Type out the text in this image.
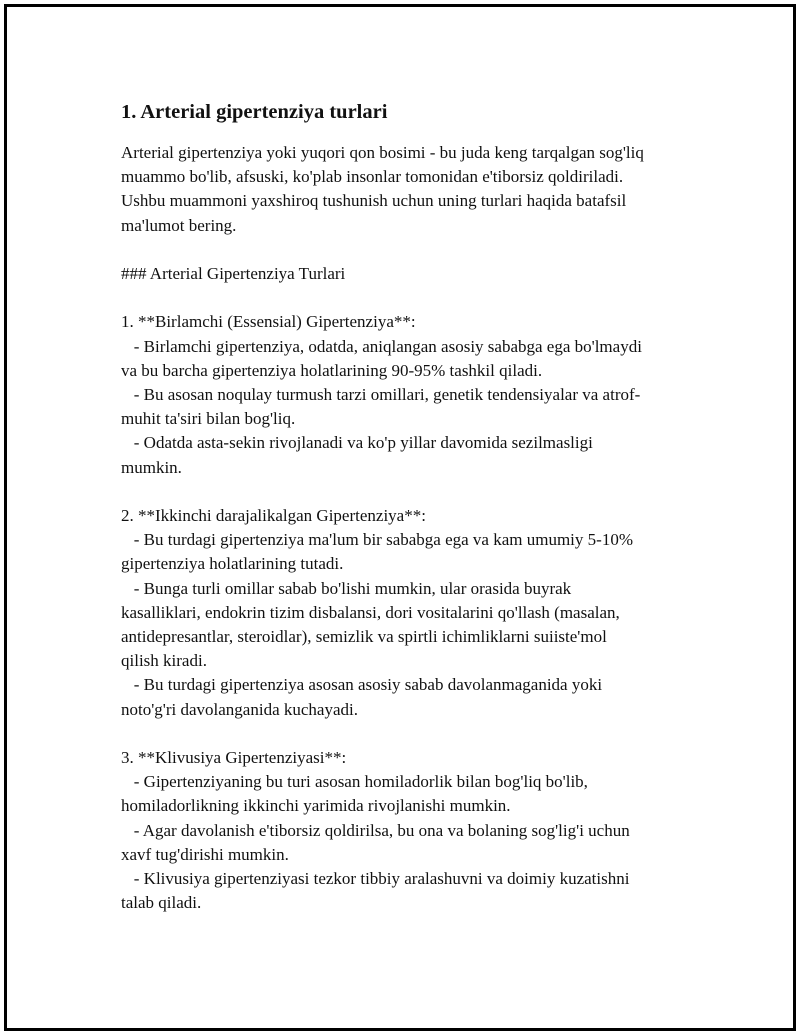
1. Arterial gipertenziya turlari
Arterial gipertenziya yoki yuqori qon bosimi - bu juda keng tarqalgan sog'liq
muammo bo'lib, afsuski, ko'plab insonlar tomonidan e'tiborsiz qoldiriladi.
Ushbu muammoni yaxshiroq tushunish uchun uning turlari haqida batafsil
ma'lumot bering.

### Arterial Gipertenziya Turlari

1. **Birlamchi (Essensial) Gipertenziya**:
- Birlamchi gipertenziya, odatda, aniqlangan asosiy sababga ega bo'lmaydi
va bu barcha gipertenziya holatlarining 90-95% tashkil qiladi.
- Bu asosan noqulay turmush tarzi omillari, genetik tendensiyalar va atrof-
muhit ta'siri bilan bog'liq.
- Odatda asta-sekin rivojlanadi va ko'p yillar davomida sezilmasligi
mumkin.

2. **Ikkinchi darajalikalgan Gipertenziya**:
- Bu turdagi gipertenziya ma'lum bir sababga ega va kam umumiy 5-10%
gipertenziya holatlarining tutadi.
- Bunga turli omillar sabab bo'lishi mumkin, ular orasida buyrak
kasalliklari, endokrin tizim disbalansi, dori vositalarini qo'llash (masalan,
antidepresantlar, steroidlar), semizlik va spirtli ichimliklarni suiiste'mol
qilish kiradi.
- Bu turdagi gipertenziya asosan asosiy sabab davolanmaganida yoki
noto'g'ri davolanganida kuchayadi.

3. **Klivusiya Gipertenziyasi**:
- Gipertenziyaning bu turi asosan homiladorlik bilan bog'liq bo'lib,
homiladorlikning ikkinchi yarimida rivojlanishi mumkin.
- Agar davolanish e'tiborsiz qoldirilsa, bu ona va bolaning sog'lig'i uchun
xavf tug'dirishi mumkin.
- Klivusiya gipertenziyasi tezkor tibbiy aralashuvni va doimiy kuzatishni
talab qiladi.
